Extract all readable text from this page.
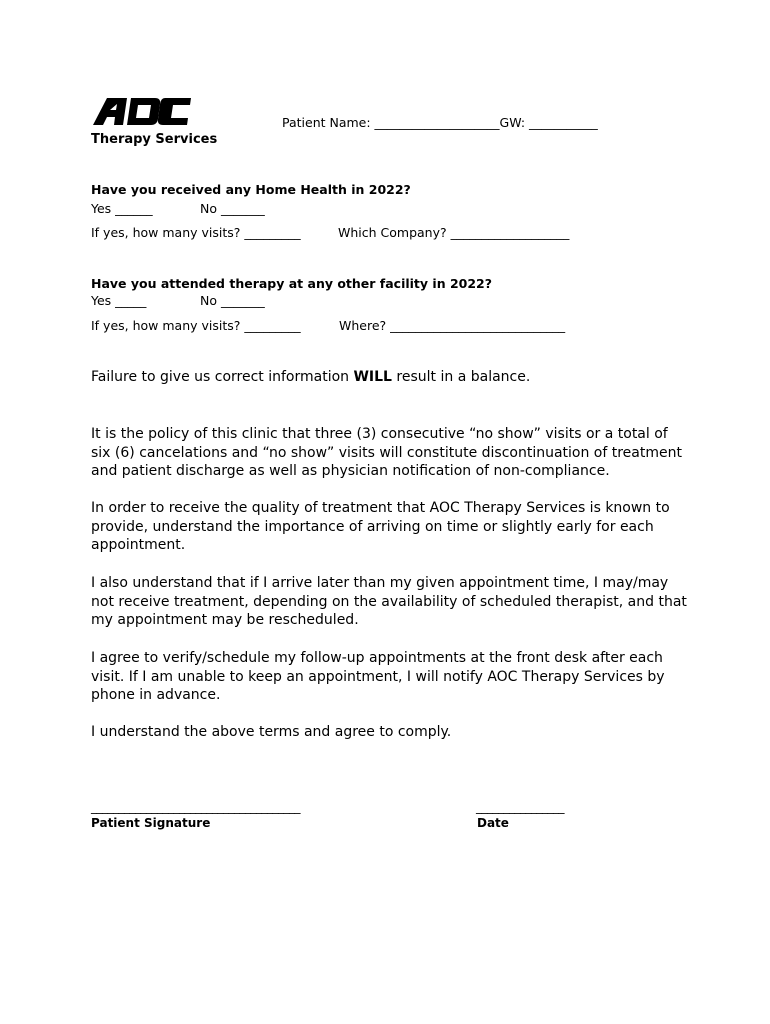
Therapy Services
Patient Name: ____________________GW: ___________
Have you received any Home Health in 2022?
Yes ______	No _______
If yes, how many visits? _________	Which Company? ___________________
Have you attended therapy at any other facility in 2022?
Yes _____	No _______
If yes, how many visits? _________	Where? ____________________________
Failure to give us correct information WILL result in a balance.
It is the policy of this clinic that three (3) consecutive “no show” visits or a total of six (6) cancelations and “no show” visits will constitute discontinuation of treatment and patient discharge as well as physician notification of non-compliance.
In order to receive the quality of treatment that AOC Therapy Services is known to provide, understand the importance of arriving on time or slightly early for each appointment.
I also understand that if I arrive later than my given appointment time, I may/may not receive treatment, depending on the availability of scheduled therapist, and that my appointment may be rescheduled.
I agree to verify/schedule my follow-up appointments at the front desk after each visit. If I am unable to keep an appointment, I will notify AOC Therapy Services by phone in advance.
I understand the above terms and agree to comply.
______________________________________
Patient Signature
________________
Date
